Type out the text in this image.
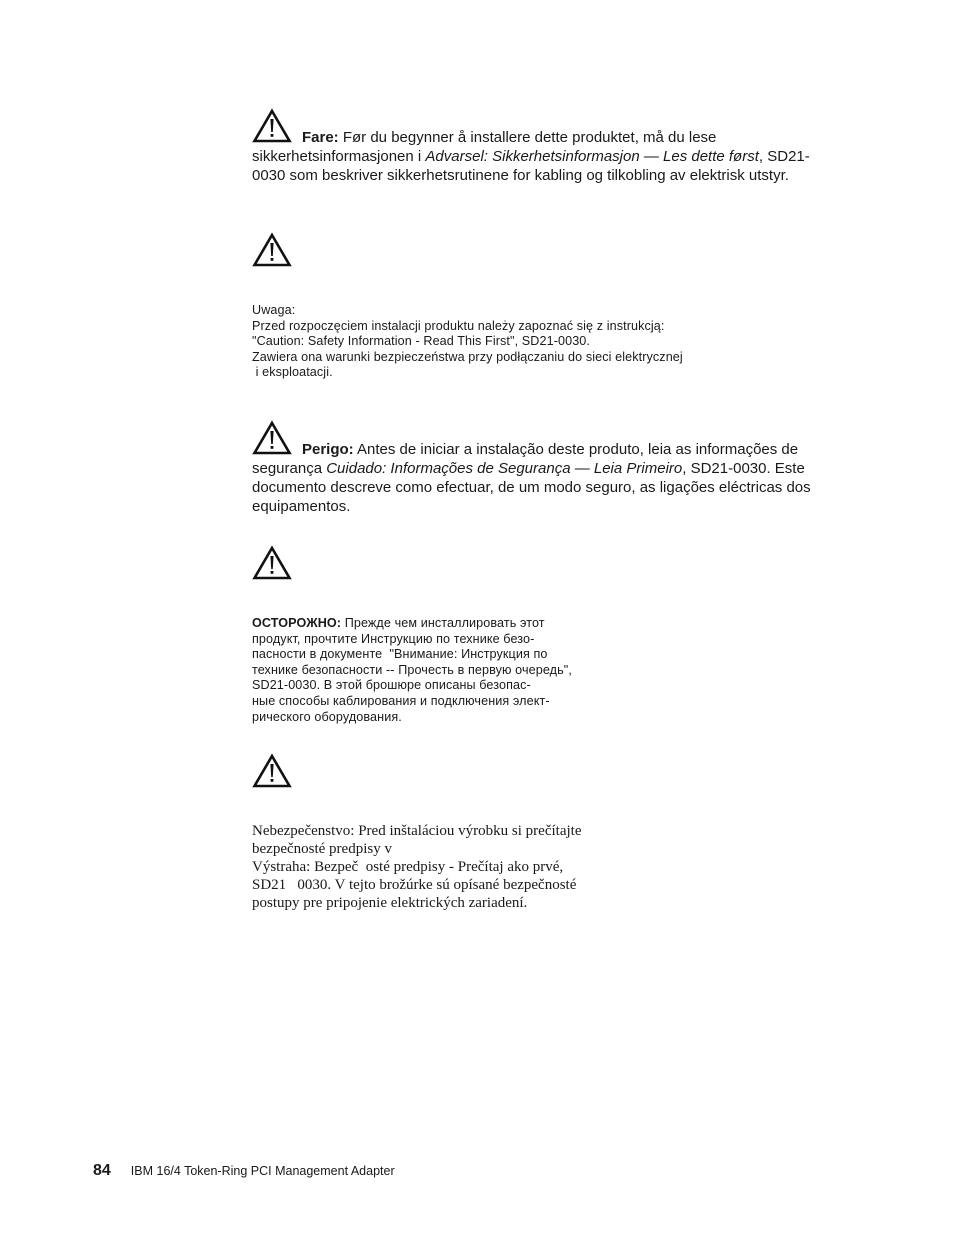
Fare: Før du begynner å installere dette produktet, må du lese sikkerhetsinformasjonen i Advarsel: Sikkerhetsinformasjon — Les dette først, SD21-0030 som beskriver sikkerhetsrutinene for kabling og tilkobling av elektrisk utstyr.
Uwaga:
Przed rozpoczęciem instalacji produktu należy zapoznać się z instrukcją:
"Caution: Safety Information - Read This First", SD21-0030.
Zawiera ona warunki bezpieczeństwa przy podłączaniu do sieci elektrycznej
i eksploatacji.
Perigo: Antes de iniciar a instalação deste produto, leia as informações de segurança Cuidado: Informações de Segurança — Leia Primeiro, SD21-0030. Este documento descreve como efectuar, de um modo seguro, as ligações eléctricas dos equipamentos.
ОСТОРОЖНО: Прежде чем инсталлировать этот
продукт, прочтите Инструкцию по технике безо-
пасности в документе  "Внимание: Инструкция по
технике безопасности -- Прочесть в первую очередь",
SD21-0030. В этой брошюре описаны безопас-
ные способы каблирования и подключения элект-
рического оборудования.
Nebezpečenstvo: Pred inštaláciou výrobku si prečítajte
bezpečnosté predpisy v
Výstraha: Bezpeč  osté predpisy - Prečítaj ako prvé,
SD21   0030. V tejto brožúrke sú opísané bezpečnosté
postupy pre pripojenie elektrických zariadení.
84 IBM 16/4 Token-Ring PCI Management Adapter
